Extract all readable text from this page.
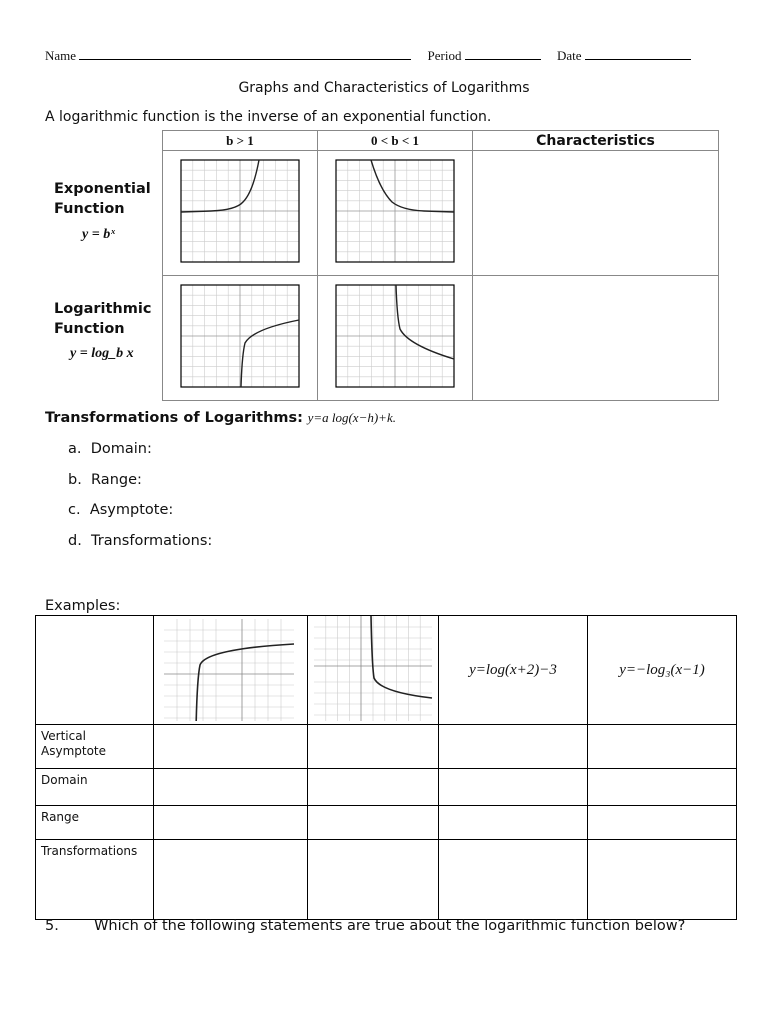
Name	Period	Date
Graphs and Characteristics of Logarithms
A logarithmic function is the inverse of an exponential function.
b > 1	0 < b < 1	Characteristics

Exponential
Function
y = bˣ
Logarithmic
Function
y = log_b x
Transformations of Logarithms: y=a log(x−h)+k.
a. Domain:
b. Range:
c. Asymptote:
d. Transformations:
Examples:
			y=log(x+2)−3	y=−log₃(x−1)
Vertical Asymptote				
Domain				
Range				
Transformations				
5. Which of the following statements are true about the logarithmic function below?
